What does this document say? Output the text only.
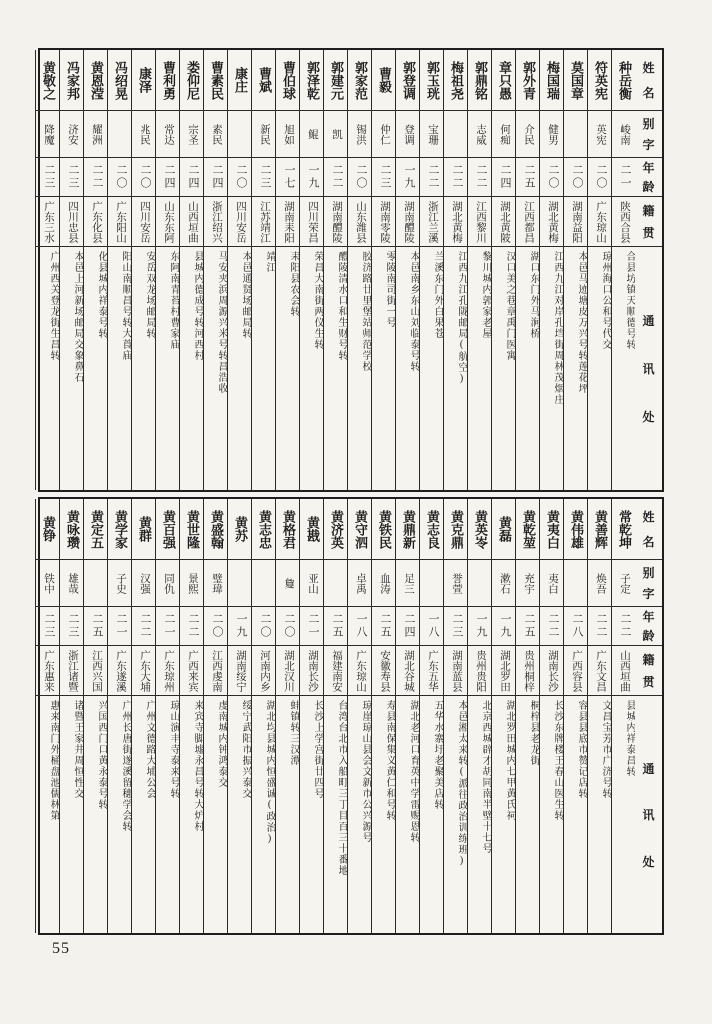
姓
名
别
字
年
龄
籍
贯
通
讯
处
种岳衡
峻南
二一
陕西合县
合县坊镇天顺德号转
符英宪
英宪
二〇
广东琼山
琼州海口公和号代交
莫国章
二〇
湖南益阳
本邑马迹塘皮万兴号转莲花坪
梅国瑞
健男
二〇
湖北黄梅
江西九江对岸孔垱街周林茂烟庄
郭外青
介民
二五
江西都昌
湖口东门外马涧桥
章只愚
何痴
二四
湖北黄陂
汉口美之巷章禹门医寓
郭鼎铭
志威
二二
江西黎川
黎川城内郭家老屋
梅祖尧
二二
湖北黄梅
江西九江孔陇邮局(航空)
郭玉珖
宝珊
二二
浙江兰溪
兰溪东门外白果苍
郭登调
登调
一九
湖南醴陵
本邑南乡东山刘临泰号转
曹毅
仲仁
二三
湖南零陵
零陵南司街一号
郭家范
锡洪
二〇
山东潍县
胶济路廿里堡站师范学校
郭建元
凯
二二
湖南醴陵
醴陵清水口和生财号转
郭泽乾
鲲
一九
四川荣昌
荣昌大南街两仪生转
曹伯球
旭如
一七
湖南耒阳
耒阳县农会转
曹斌
新民
二三
江苏靖江
靖江
康庄
二〇
四川安岳
本邑通贤场邮局转
曹素民
素民
二四
浙江绍兴
马安夹浜周源兴米号转昌浩收
娄仰尼
宗圣
二四
山西垣曲
县城内德成号转河西村
曹利勇
常达
二四
山东东阿
东阿南青苔村曹家庙
康泽
兆民
二〇
四川安岳
安岳双龙场邮局转
冯绍晃
二〇
广东阳山
阳山南顺昌号转大莨庙
黄恩滢
耀洲
二二
广东化县
化县城内祥泰号转
冯家邦
济安
二三
四川忠县
本邑上河新场邮局交象鼻石
黄敬之
降魔
二三
广东三水
广州西关登龙街生昌转
姓
名
别
字
年
龄
籍
贯
通
讯
处
常乾坤
子定
二二
山西垣曲
县城内祥泰昌转
黄善辉
焕吾
二二
广东文昌
文昌宝芳市广济号转
黄伟雄
二八
广西容县
容县县底市赞记店转
黄夷白
夷白
二二
湖南长沙
长沙东牌楼王春山医生转
黄乾堃
充宇
二五
贵州桐梓
桐梓县老龙街
黄磊
漱石
一九
湖北罗田
湖北罗田城内七甲黄氏祠
黄英岺
一九
贵州贵阳
北京西城辟才胡同南半壁十七号
黄克鼎
誉萱
二三
湖南蓝县
本邑湘太来转(派往政治训练班)
黄志良
一八
广东五华
五华水寨圩老聚美店转
黄鼎新
足三
二四
湖北谷城
湖北老河口育英中学雷赐恩转
黄铁民
血涛
二五
安徽寿县
寿县南保集义黄仁和号转
黄守泗
卓禹
一八
广东琼山
琼崖琼山县会文新市公兴源号
黄济英
二五
福建南安
台湾台北市入船町三丁目百三十番地
黄戡
亚山
二一
湖南长沙
长沙上学宫街廿四号
黄格君
敻
二〇
湖北汉川
蚌镇转三汉潭
黄志忠
二〇
河南内乡
湖北均县城内恒盛诚(政治)
黄苏
一九
湖南绥宁
绥宁武阳市振兴泰交
黄盛翰
璧瑋
二〇
江西虔南
虔南城内钟鸿泰交
黄世隆
景熙
二二
广西来宾
来宾寺脚墟永昌号转大炉村
黄百强
同仇
二一
广东琼州
琼山演丰寺泰来号转
黄群
汉强
二二
广东大埔
广州文德路大埔公会
黄学家
子史
二一
广东遂溪
广州长唐街遂溪留穗学会转
黄定五
二五
江西兴国
兴国西门口黄永泰号转
黄咏瓒
雄哉
二三
浙江诸暨
诸暨王家井周恒性交
黄铮
铁中
二三
广东惠来
惠来南门外桶盘池儒林第
55
